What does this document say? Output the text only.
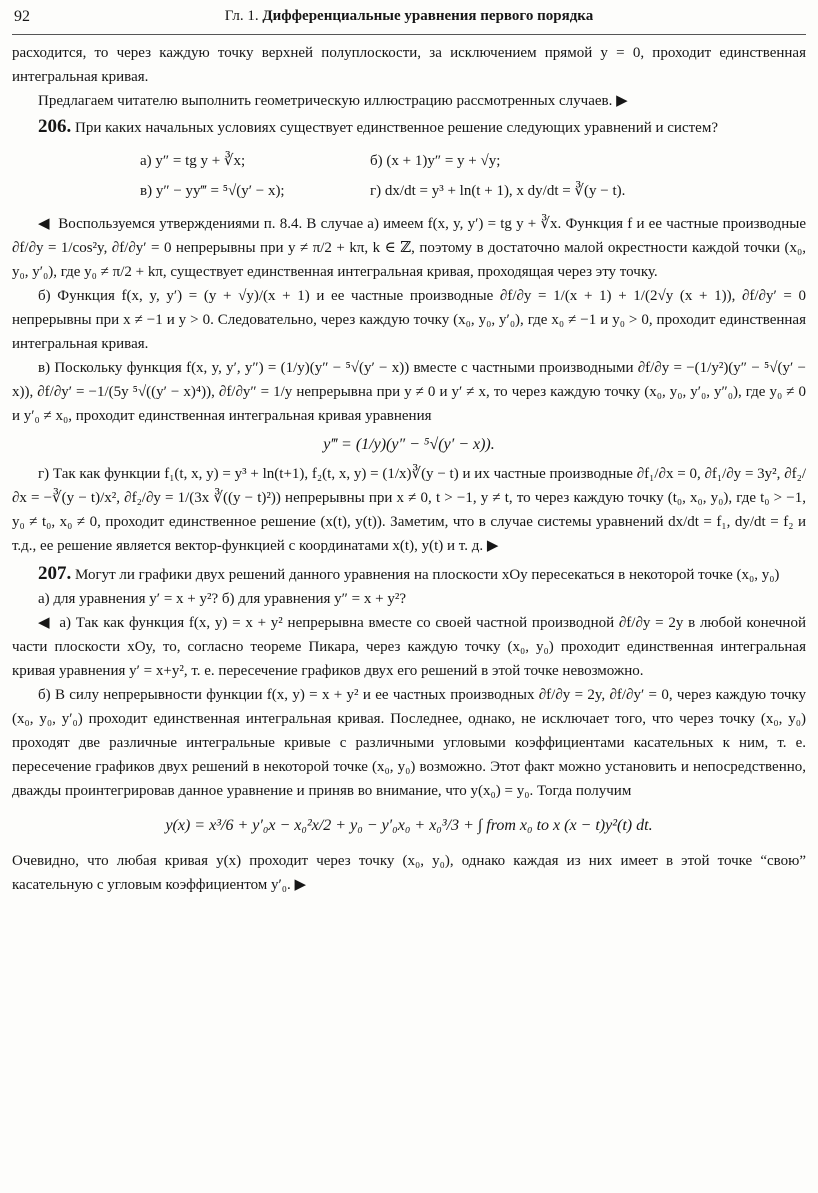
92	Гл. 1. Дифференциальные уравнения первого порядка

расходится, то через каждую точку верхней полуплоскости, за исключением прямой y = 0, проходит единственная интегральная кривая.

Предлагаем читателю выполнить геометрическую иллюстрацию рассмотренных случаев. ▶

206. При каких начальных условиях существует единственное решение следующих уравнений и систем?

а) y″ = tg y + ∛x;	б) (x + 1)y″ = y + √y;
в) y″ − yy‴ = ⁵√(y′ − x);	г) dx/dt = y³ + ln(t + 1), x dy/dt = ∛(y − t).

◀ Воспользуемся утверждениями п. 8.4. В случае а) имеем f(x, y, y′) = tg y + ∛x. Функция f и ее частные производные ∂f/∂y = 1/cos²y, ∂f/∂y′ = 0 непрерывны при y ≠ π/2 + kπ, k ∈ ℤ, поэтому в достаточно малой окрестности каждой точки (x₀, y₀, y′₀), где y₀ ≠ π/2 + kπ, существует единственная интегральная кривая, проходящая через эту точку.

б) Функция f(x, y, y′) = (y + √y)/(x + 1) и ее частные производные ∂f/∂y = 1/(x + 1) + 1/(2√y (x + 1)), ∂f/∂y′ = 0 непрерывны при x ≠ −1 и y > 0. Следовательно, через каждую точку (x₀, y₀, y′₀), где x₀ ≠ −1 и y₀ > 0, проходит единственная интегральная кривая.

в) Поскольку функция f(x, y, y′, y″) = (1/y)(y″ − ⁵√(y′ − x)) вместе с частными производными ∂f/∂y = −(1/y²)(y″ − ⁵√(y′ − x)), ∂f/∂y′ = −1/(5y ⁵√((y′ − x)⁴)), ∂f/∂y″ = 1/y непрерывна при y ≠ 0 и y′ ≠ x, то через каждую точку (x₀, y₀, y′₀, y″₀), где y₀ ≠ 0 и y′₀ ≠ x₀, проходит единственная интегральная кривая уравнения

y‴ = (1/y)(y″ − ⁵√(y′ − x)).

г) Так как функции f₁(t, x, y) = y³ + ln(t+1), f₂(t, x, y) = (1/x)∛(y − t) и их частные производные ∂f₁/∂x = 0, ∂f₁/∂y = 3y², ∂f₂/∂x = −∛(y − t)/x², ∂f₂/∂y = 1/(3x ∛((y − t)²)) непрерывны при x ≠ 0, t > −1, y ≠ t, то через каждую точку (t₀, x₀, y₀), где t₀ > −1, y₀ ≠ t₀, x₀ ≠ 0, проходит единственное решение (x(t), y(t)). Заметим, что в случае системы уравнений dx/dt = f₁, dy/dt = f₂ и т.д., ее решение является вектор-функцией с координатами x(t), y(t) и т. д. ▶

207. Могут ли графики двух решений данного уравнения на плоскости xOy пересекаться в некоторой точке (x₀, y₀)

а) для уравнения y′ = x + y²? б) для уравнения y″ = x + y²?

◀ а) Так как функция f(x, y) = x + y² непрерывна вместе со своей частной производной ∂f/∂y = 2y в любой конечной части плоскости xOy, то, согласно теореме Пикара, через каждую точку (x₀, y₀) проходит единственная интегральная кривая уравнения y′ = x+y², т. е. пересечение графиков двух его решений в этой точке невозможно.

б) В силу непрерывности функции f(x, y) = x + y² и ее частных производных ∂f/∂y = 2y, ∂f/∂y′ = 0, через каждую точку (x₀, y₀, y′₀) проходит единственная интегральная кривая. Последнее, однако, не исключает того, что через точку (x₀, y₀) проходят две различные интегральные кривые с различными угловыми коэффициентами касательных к ним, т. е. пересечение графиков двух решений в некоторой точке (x₀, y₀) возможно. Этот факт можно установить и непосредственно, дважды проинтегрировав данное уравнение и приняв во внимание, что y(x₀) = y₀. Тогда получим

y(x) = x³/6 + y′₀x − x₀²x/2 + y₀ − y′₀x₀ + x₀³/3 + ∫ from x₀ to x (x − t)y²(t) dt.

Очевидно, что любая кривая y(x) проходит через точку (x₀, y₀), однако каждая из них имеет в этой точке “свою” касательную с угловым коэффициентом y′₀. ▶
